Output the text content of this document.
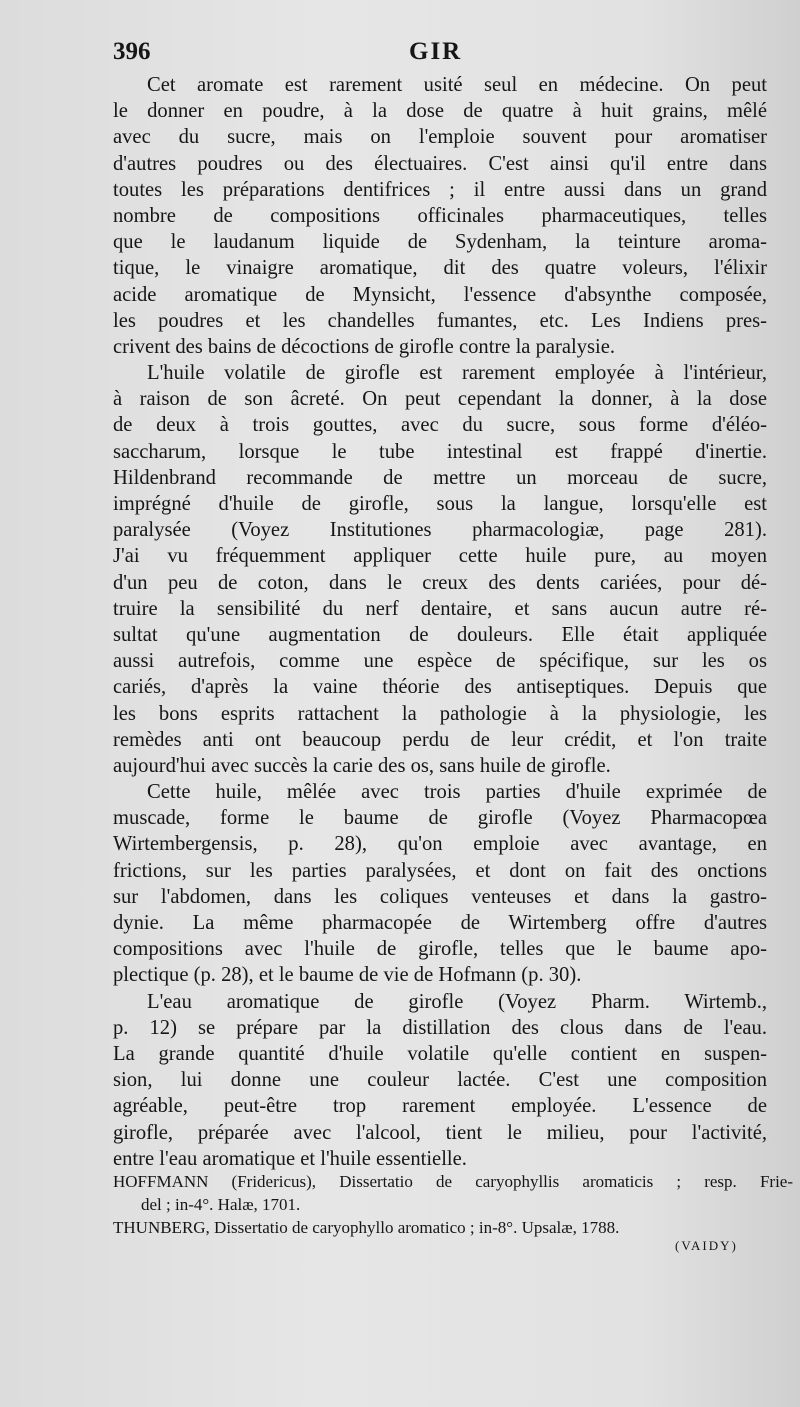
396	GIR
Cet aromate est rarement usité seul en médecine. On peut
le donner en poudre, à la dose de quatre à huit grains, mêlé
avec du sucre, mais on l'emploie souvent pour aromatiser
d'autres poudres ou des électuaires. C'est ainsi qu'il entre dans
toutes les préparations dentifrices ; il entre aussi dans un grand
nombre de compositions officinales pharmaceutiques, telles
que le laudanum liquide de Sydenham, la teinture aroma-
tique, le vinaigre aromatique, dit des quatre voleurs, l'élixir
acide aromatique de Mynsicht, l'essence d'absynthe composée,
les poudres et les chandelles fumantes, etc. Les Indiens pres-
crivent des bains de décoctions de girofle contre la paralysie.
L'huile volatile de girofle est rarement employée à l'intérieur,
à raison de son âcreté. On peut cependant la donner, à la dose
de deux à trois gouttes, avec du sucre, sous forme d'éléo-
saccharum, lorsque le tube intestinal est frappé d'inertie.
Hildenbrand recommande de mettre un morceau de sucre,
imprégné d'huile de girofle, sous la langue, lorsqu'elle est
paralysée (Voyez Institutiones pharmacologiæ, page 281).
J'ai vu fréquemment appliquer cette huile pure, au moyen
d'un peu de coton, dans le creux des dents cariées, pour dé-
truire la sensibilité du nerf dentaire, et sans aucun autre ré-
sultat qu'une augmentation de douleurs. Elle était appliquée
aussi autrefois, comme une espèce de spécifique, sur les os
cariés, d'après la vaine théorie des antiseptiques. Depuis que
les bons esprits rattachent la pathologie à la physiologie, les
remèdes anti ont beaucoup perdu de leur crédit, et l'on traite
aujourd'hui avec succès la carie des os, sans huile de girofle.
Cette huile, mêlée avec trois parties d'huile exprimée de
muscade, forme le baume de girofle (Voyez Pharmacopœa
Wirtembergensis, p. 28), qu'on emploie avec avantage, en
frictions, sur les parties paralysées, et dont on fait des onctions
sur l'abdomen, dans les coliques venteuses et dans la gastro-
dynie. La même pharmacopée de Wirtemberg offre d'autres
compositions avec l'huile de girofle, telles que le baume apo-
plectique (p. 28), et le baume de vie de Hofmann (p. 30).
L'eau aromatique de girofle (Voyez Pharm. Wirtemb.,
p. 12) se prépare par la distillation des clous dans de l'eau.
La grande quantité d'huile volatile qu'elle contient en suspen-
sion, lui donne une couleur lactée. C'est une composition
agréable, peut-être trop rarement employée. L'essence de
girofle, préparée avec l'alcool, tient le milieu, pour l'activité,
entre l'eau aromatique et l'huile essentielle.
HOFFMANN (Fridericus), Dissertatio de caryophyllis aromaticis ; resp. Frie-
del ; in-4°. Halæ, 1701.
THUNBERG, Dissertatio de caryophyllo aromatico ; in-8°. Upsalæ, 1788.
(VAIDY)
